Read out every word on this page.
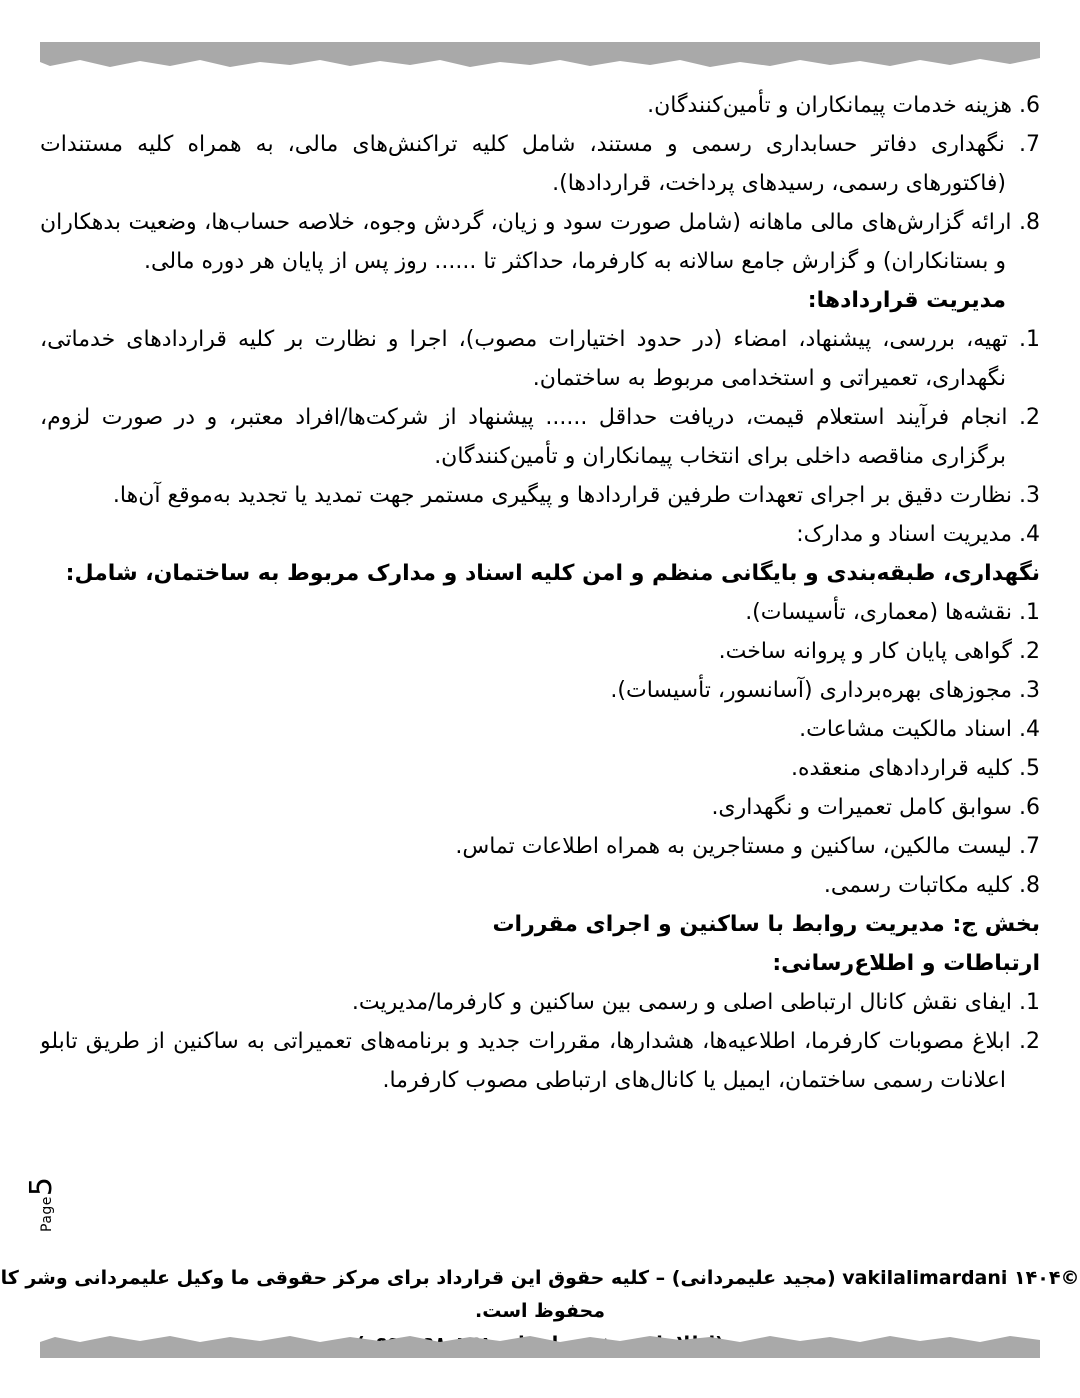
6. هزینه خدمات پیمانکاران و تأمین‌کنندگان.

7. نگهداری دفاتر حسابداری رسمی و مستند، شامل کلیه تراکنش‌های مالی، به همراه کلیه مستندات (فاکتورهای رسمی، رسیدهای پرداخت، قراردادها).

8. ارائه گزارش‌های مالی ماهانه (شامل صورت سود و زیان، گردش وجوه، خلاصه حساب‌ها، وضعیت بدهکاران و بستانکاران) و گزارش جامع سالانه به کارفرما، حداکثر تا ...... روز پس از پایان هر دوره مالی.

مدیریت قراردادها:

1. تهیه، بررسی، پیشنهاد، امضاء (در حدود اختیارات مصوب)، اجرا و نظارت بر کلیه قراردادهای خدماتی، نگهداری، تعمیراتی و استخدامی مربوط به ساختمان.

2. انجام فرآیند استعلام قیمت، دریافت حداقل ...... پیشنهاد از شرکت‌ها/افراد معتبر، و در صورت لزوم، برگزاری مناقصه داخلی برای انتخاب پیمانکاران و تأمین‌کنندگان.

3. نظارت دقیق بر اجرای تعهدات طرفین قراردادها و پیگیری مستمر جهت تمدید یا تجدید به‌موقع آن‌ها.

4. مدیریت اسناد و مدارک:

نگهداری، طبقه‌بندی و بایگانی منظم و امن کلیه اسناد و مدارک مربوط به ساختمان، شامل:

1. نقشه‌ها (معماری، تأسیسات).

2. گواهی پایان کار و پروانه ساخت.

3. مجوزهای بهره‌برداری (آسانسور، تأسیسات).

4. اسناد مالکیت مشاعات.

5. کلیه قراردادهای منعقده.

6. سوابق کامل تعمیرات و نگهداری.

7. لیست مالکین، ساکنین و مستاجرین به همراه اطلاعات تماس.

8. کلیه مکاتبات رسمی.

بخش ج: مدیریت روابط با ساکنین و اجرای مقررات

ارتباطات و اطلاع‌رسانی:

1. ایفای نقش کانال ارتباطی اصلی و رسمی بین ساکنین و کارفرما/مدیریت.

2. ابلاغ مصوبات کارفرما، اطلاعیه‌ها، هشدارها، مقررات جدید و برنامه‌های تعمیراتی به ساکنین از طریق تابلو اعلانات رسمی ساختمان، ایمیل یا کانال‌های ارتباطی مصوب کارفرما.

Page5

©۱۴۰۴ vakilalimardani (مجید علیمردانی) – کلیه حقوق این قرارداد برای مرکز حقوقی ما وکیل علیمردانی وشر کا محفوظ است.
